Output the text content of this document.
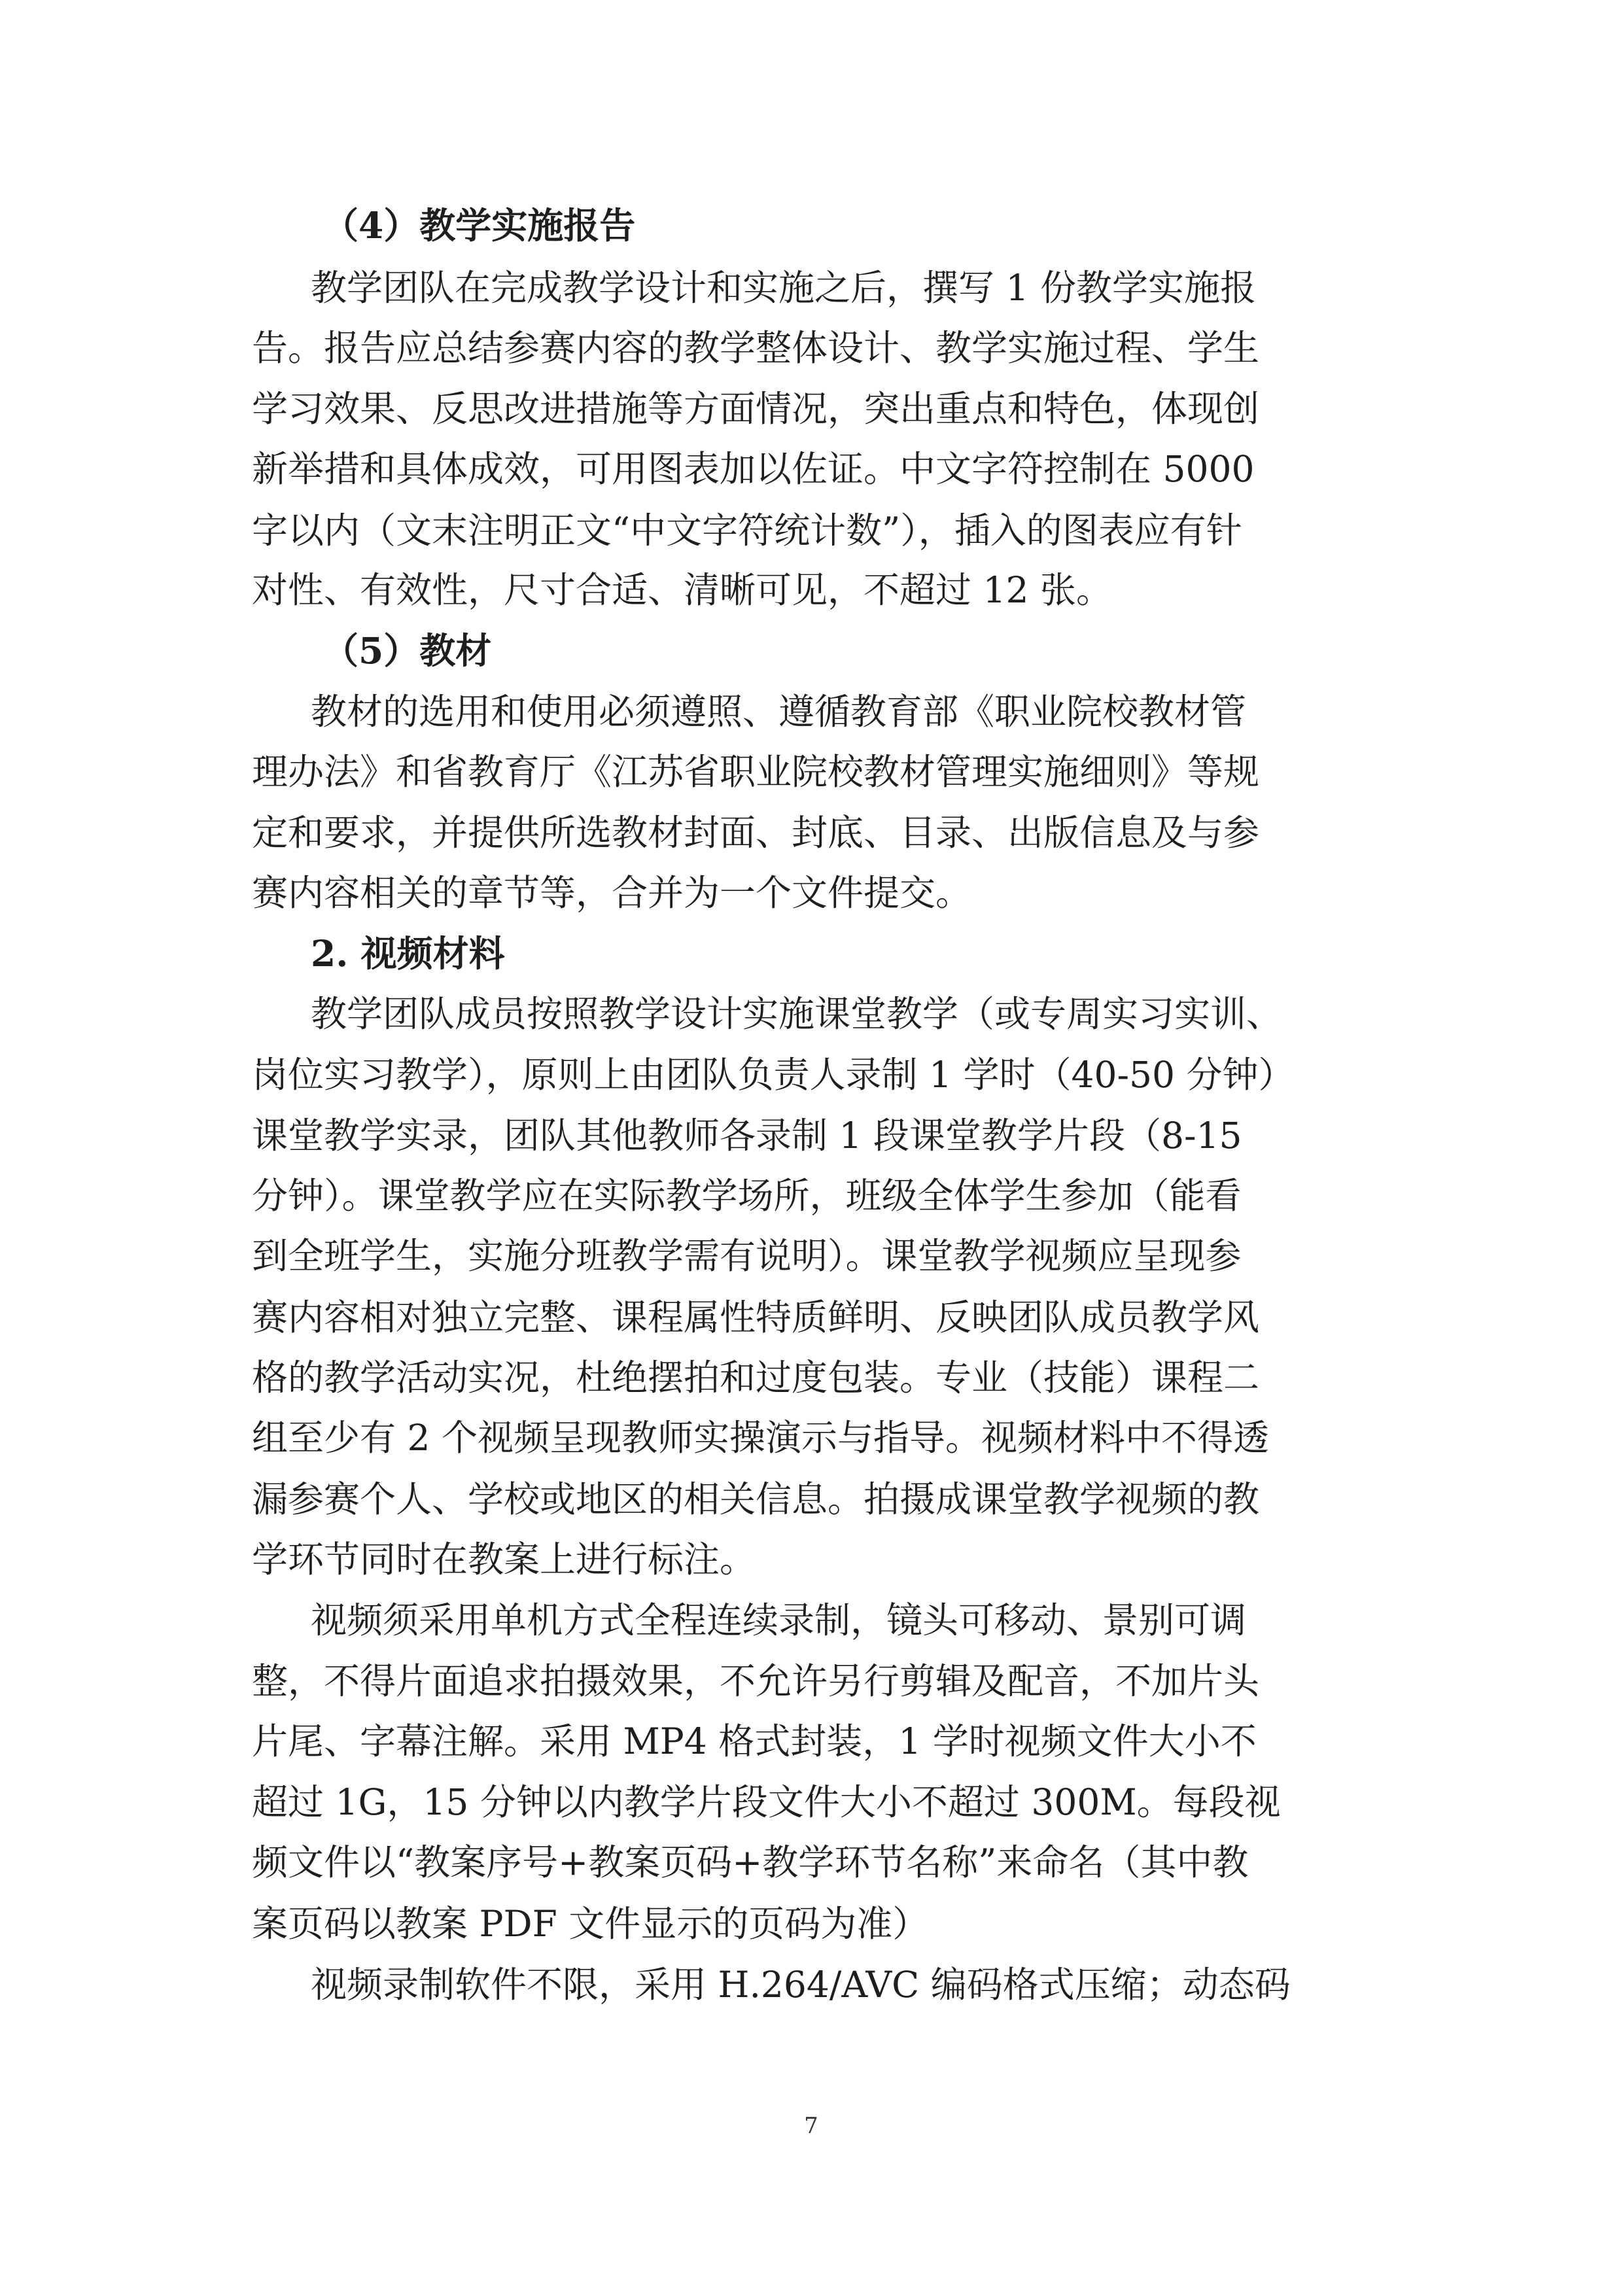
（4）教学实施报告
教学团队在完成教学设计和实施之后，撰写 1 份教学实施报
告。报告应总结参赛内容的教学整体设计、教学实施过程、学生
学习效果、反思改进措施等方面情况，突出重点和特色，体现创
新举措和具体成效，可用图表加以佐证。中文字符控制在 5000
字以内（文末注明正文“中文字符统计数”），插入的图表应有针
对性、有效性，尺寸合适、清晰可见，不超过 12 张。
（5）教材
教材的选用和使用必须遵照、遵循教育部《职业院校教材管
理办法》和省教育厅《江苏省职业院校教材管理实施细则》等规
定和要求，并提供所选教材封面、封底、目录、出版信息及与参
赛内容相关的章节等，合并为一个文件提交。
2. 视频材料
教学团队成员按照教学设计实施课堂教学（或专周实习实训、
岗位实习教学），原则上由团队负责人录制 1 学时（40-50 分钟）
课堂教学实录，团队其他教师各录制 1 段课堂教学片段（8-15
分钟）。课堂教学应在实际教学场所，班级全体学生参加（能看
到全班学生，实施分班教学需有说明）。课堂教学视频应呈现参
赛内容相对独立完整、课程属性特质鲜明、反映团队成员教学风
格的教学活动实况，杜绝摆拍和过度包装。专业（技能）课程二
组至少有 2 个视频呈现教师实操演示与指导。视频材料中不得透
漏参赛个人、学校或地区的相关信息。拍摄成课堂教学视频的教
学环节同时在教案上进行标注。
视频须采用单机方式全程连续录制，镜头可移动、景别可调
整，不得片面追求拍摄效果，不允许另行剪辑及配音，不加片头
片尾、字幕注解。采用 MP4 格式封装，1 学时视频文件大小不
超过 1G，15 分钟以内教学片段文件大小不超过 300M。每段视
频文件以“教案序号+教案页码+教学环节名称”来命名（其中教
案页码以教案 PDF 文件显示的页码为准）
视频录制软件不限，采用 H.264/AVC 编码格式压缩；动态码
7
